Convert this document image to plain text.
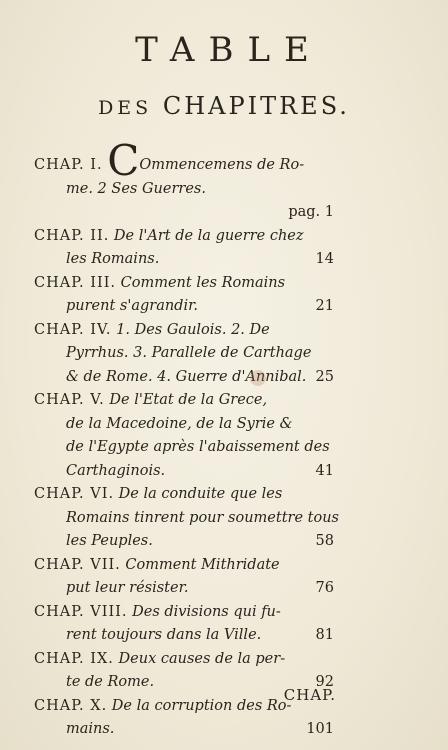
TABLE
DES CHAPITRES.
CHAP. I. COmmencemens de Ro-
me. 2 Ses Guerres.
pag. 1
CHAP. II. De l'Art de la guerre chez
les Romains.	14
CHAP. III. Comment les Romains
purent s'agrandir.	21
CHAP. IV. 1. Des Gaulois. 2. De
Pyrrhus. 3. Parallele de Carthage
& de Rome. 4. Guerre d'Annibal. 25
CHAP. V. De l'Etat de la Grece,
de la Macedoine, de la Syrie &
de l'Egypte après l'abaissement des
Carthaginois.	41
CHAP. VI. De la conduite que les
Romains tinrent pour soumettre tous
les Peuples.	58
CHAP. VII. Comment Mithridate
put leur résister.	76
CHAP. VIII. Des divisions qui fu-
rent toujours dans la Ville.	81
CHAP. IX. Deux causes de la per-
te de Rome.	92
CHAP. X. De la corruption des Ro-
mains.	101
CHAP.
